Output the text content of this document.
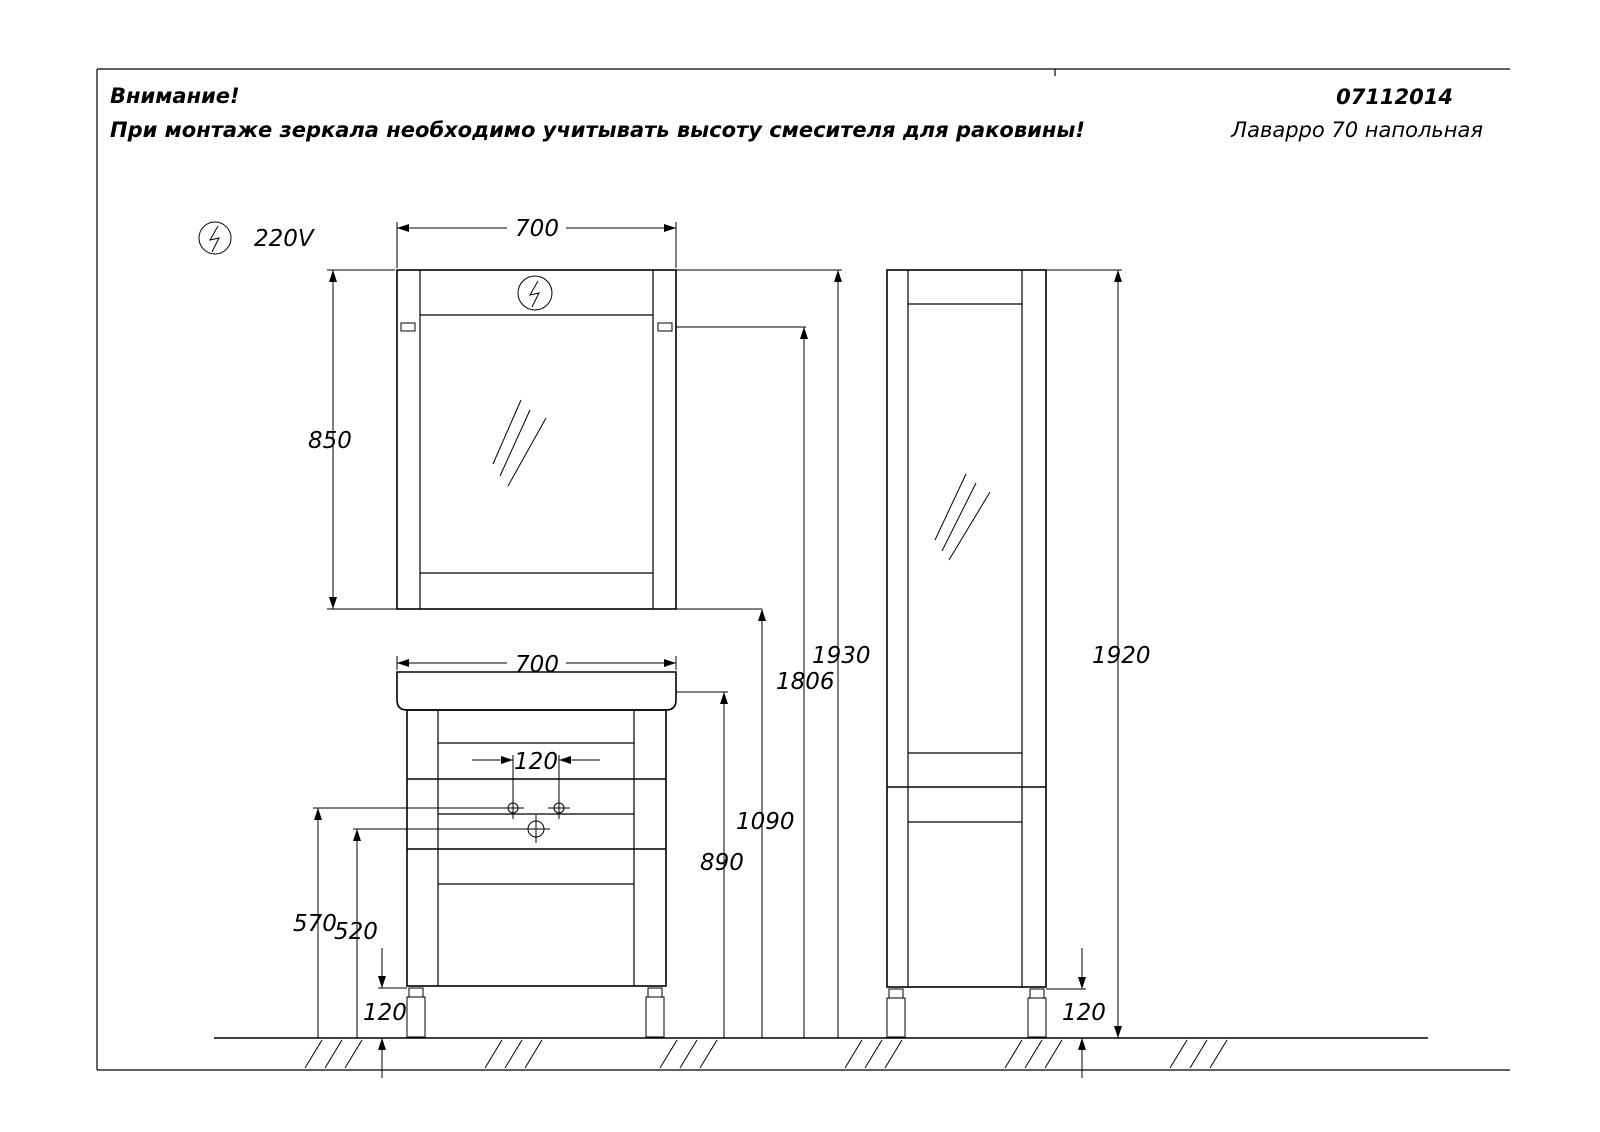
Внимание!
При монтаже зеркала необходимо учитывать высоту смесителя для раковины!
07112014
Лаварро 70 напольная
220V	700
850
1930
1806
1090
700
120
890
570
520
120
1920
120
